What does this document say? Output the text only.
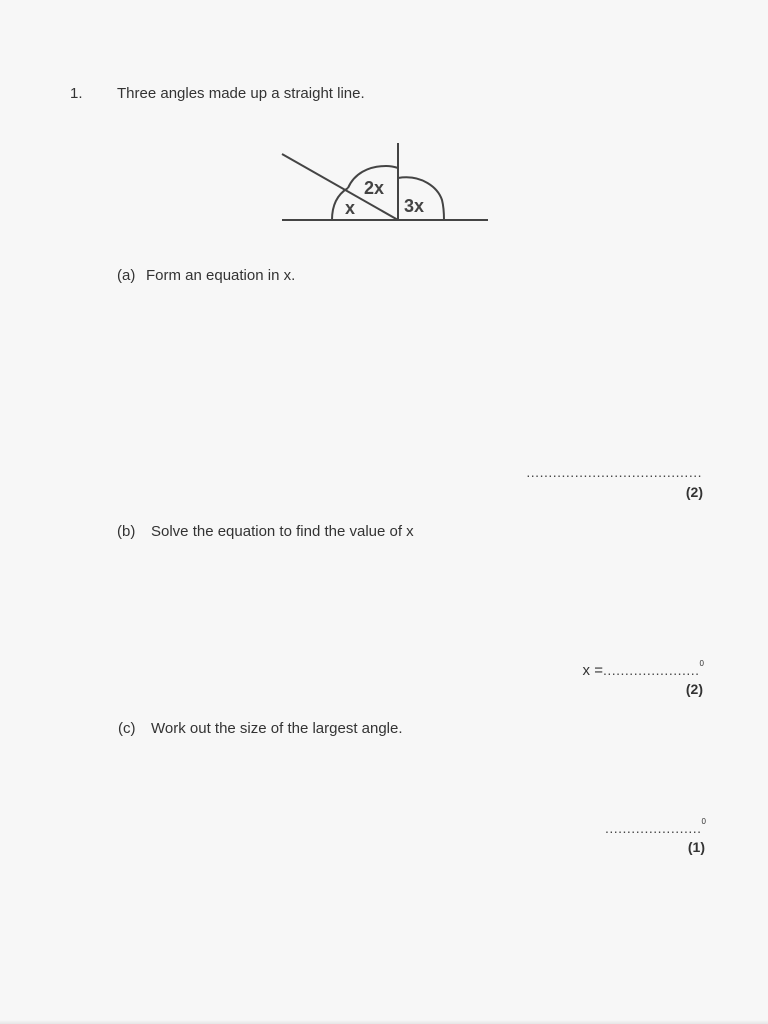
1. Three angles made up a straight line.
x
2x
3x
(a) Form an equation in x.
........................................
(2)
(b) Solve the equation to find the value of x
x =......................$^0$
(2)
(c) Work out the size of the largest angle.
......................$^0$
(1)
